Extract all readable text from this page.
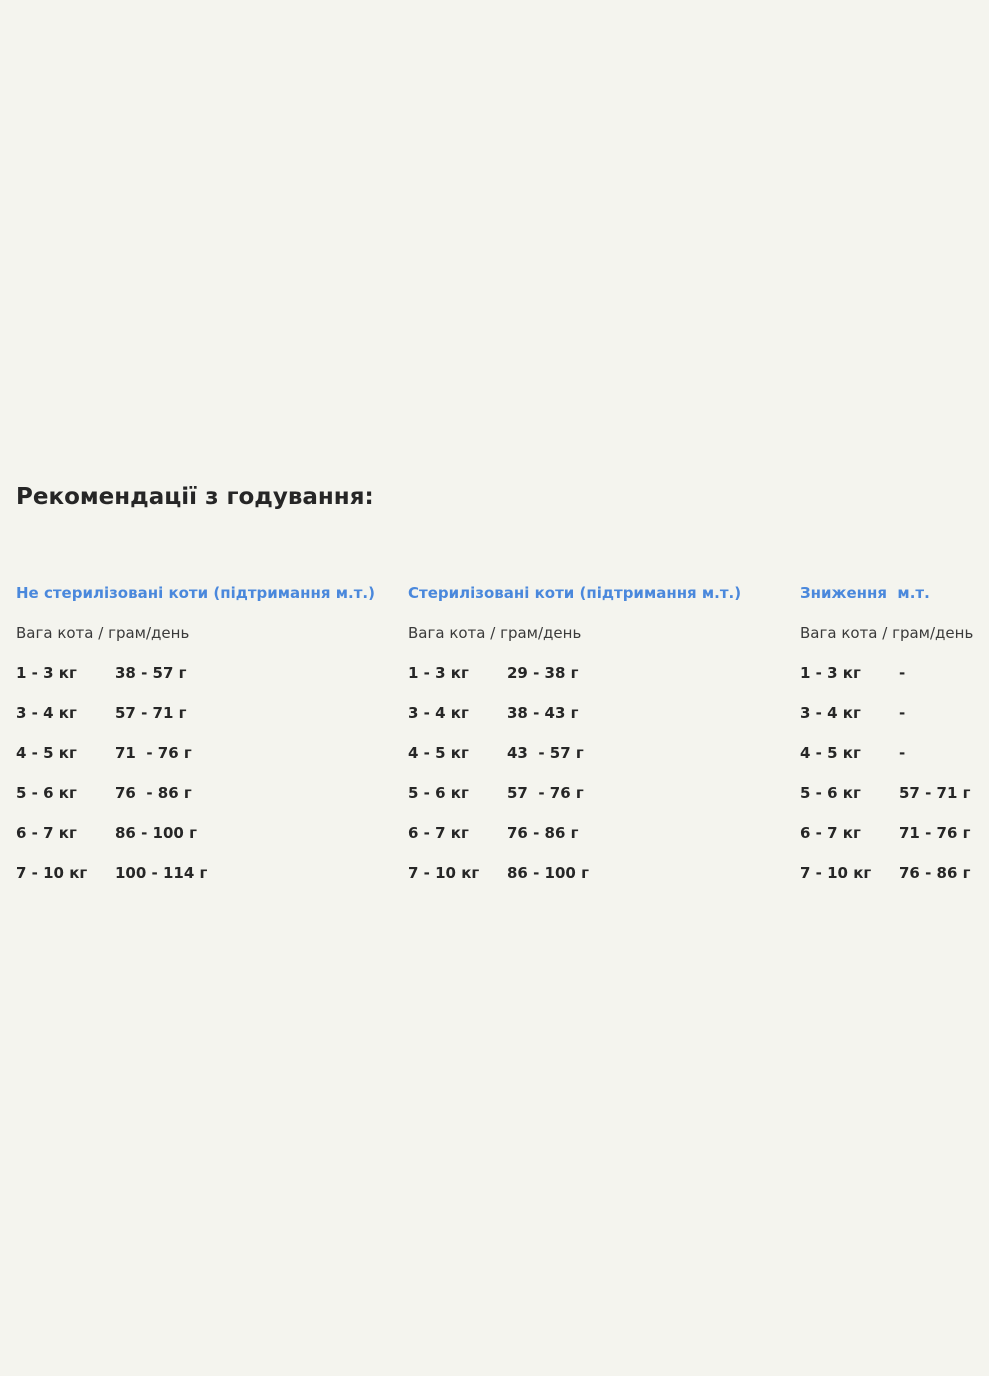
Рекомендації з годування:
Не стерилізовані коти (підтримання м.т.)
Вага кота / грам/день
1 - 3 кг	38 - 57 г
3 - 4 кг	57 - 71 г
4 - 5 кг	71  - 76 г
5 - 6 кг	76  - 86 г
6 - 7 кг	86 - 100 г
7 - 10 кг	100 - 114 г
Стерилізовані коти (підтримання м.т.)
Вага кота / грам/день
1 - 3 кг	29 - 38 г
3 - 4 кг	38 - 43 г
4 - 5 кг	43  - 57 г
5 - 6 кг	57  - 76 г
6 - 7 кг	76 - 86 г
7 - 10 кг	86 - 100 г
Зниження  м.т.
Вага кота / грам/день
1 - 3 кг	-
3 - 4 кг	-
4 - 5 кг	-
5 - 6 кг	57 - 71 г
6 - 7 кг	71 - 76 г
7 - 10 кг	76 - 86 г
